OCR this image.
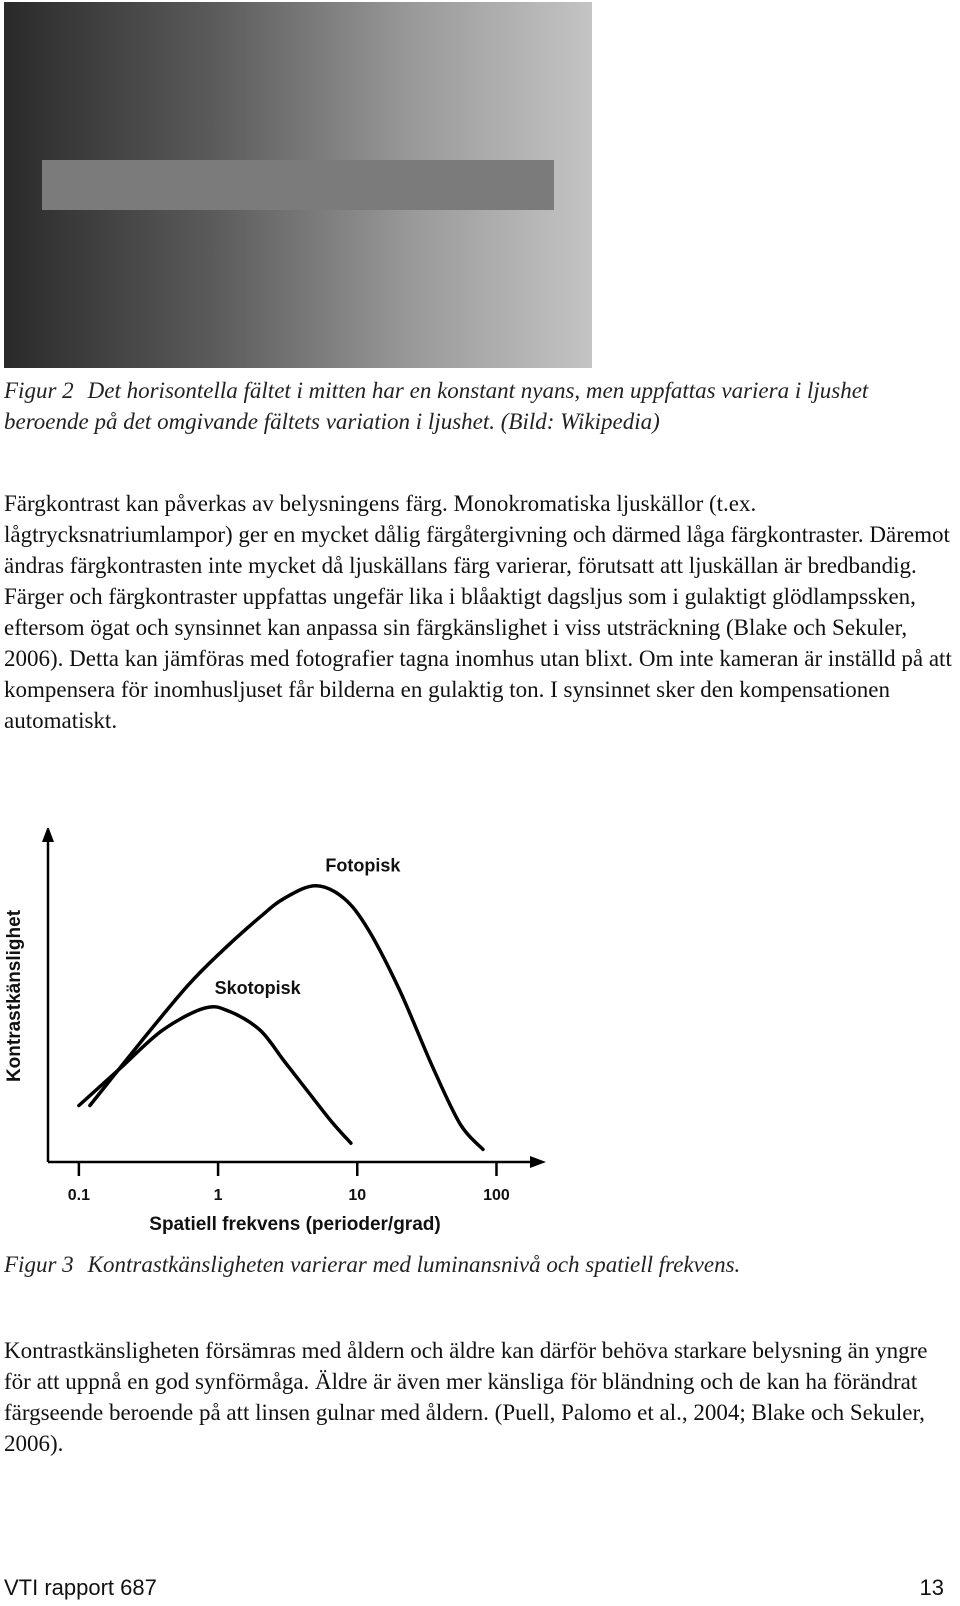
Figur 2 Det horisontella fältet i mitten har en konstant nyans, men uppfattas variera i ljushet beroende på det omgivande fältets variation i ljushet. (Bild: Wikipedia)

Färgkontrast kan påverkas av belysningens färg. Monokromatiska ljuskällor (t.ex. lågtrycksnatriumlampor) ger en mycket dålig färgåtergivning och därmed låga färgkontraster. Däremot ändras färgkontrasten inte mycket då ljuskällans färg varierar, förutsatt att ljuskällan är bredbandig. Färger och färgkontraster uppfattas ungefär lika i blåaktigt dagsljus som i gulaktigt glödlampssken, eftersom ögat och synsinnet kan anpassa sin färgkänslighet i viss utsträckning (Blake och Sekuler, 2006). Detta kan jämföras med fotografier tagna inomhus utan blixt. Om inte kameran är inställd på att kompensera för inomhusljuset får bilderna en gulaktig ton. I synsinnet sker den kompensationen automatiskt.

0.1	1	10	100
Fotopisk
Skotopisk
Spatiell frekvens (perioder/grad)
Kontrastkänslighet
Figur 3 Kontrastkänsligheten varierar med luminansnivå och spatiell frekvens.

Kontrastkänsligheten försämras med åldern och äldre kan därför behöva starkare belysning än yngre för att uppnå en god synförmåga. Äldre är även mer känsliga för bländning och de kan ha förändrat färgseende beroende på att linsen gulnar med åldern. (Puell, Palomo et al., 2004; Blake och Sekuler, 2006).

VTI rapport 687	13
